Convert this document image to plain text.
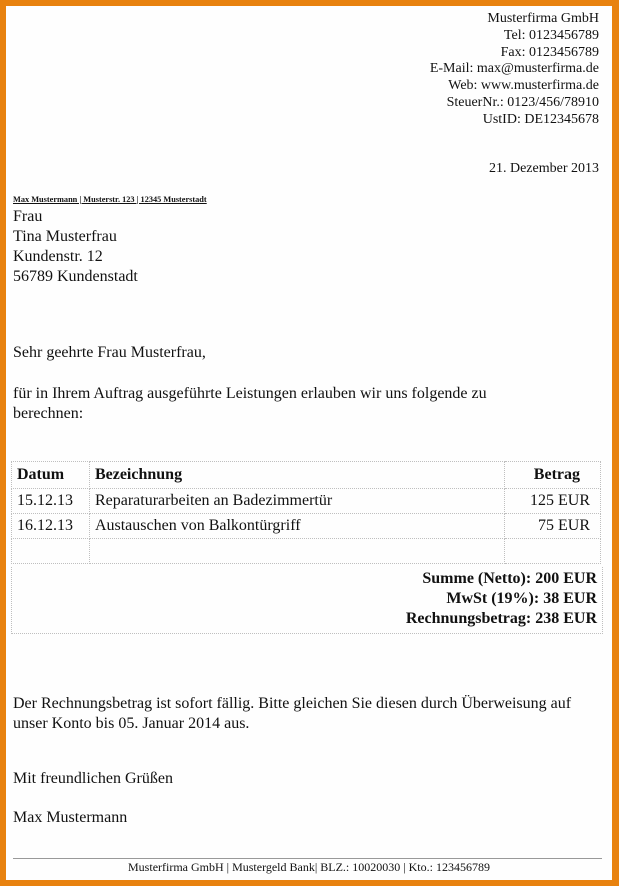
Musterfirma GmbH
Tel: 0123456789
Fax: 0123456789
E-Mail: max@musterfirma.de
Web: www.musterfirma.de
SteuerNr.: 0123/456/78910
UstID: DE12345678
21. Dezember 2013
Max Mustermann | Musterstr. 123 | 12345 Musterstadt
Frau
Tina Musterfrau
Kundenstr. 12
56789 Kundenstadt
Sehr geehrte Frau Musterfrau,
für in Ihrem Auftrag ausgeführte Leistungen erlauben wir uns folgende zu berechnen:
Datum	Bezeichnung	Betrag
15.12.13	Reparaturarbeiten an Badezimmertür	125 EUR
16.12.13	Austauschen von Balkontürgriff	75 EUR

Summe (Netto): 200 EUR
MwSt (19%): 38 EUR
Rechnungsbetrag: 238 EUR
Der Rechnungsbetrag ist sofort fällig. Bitte gleichen Sie diesen durch Überweisung auf unser Konto bis 05. Januar 2014 aus.
Mit freundlichen Grüßen
Max Mustermann
Musterfirma GmbH | Mustergeld Bank| BLZ.: 10020030 | Kto.: 123456789
